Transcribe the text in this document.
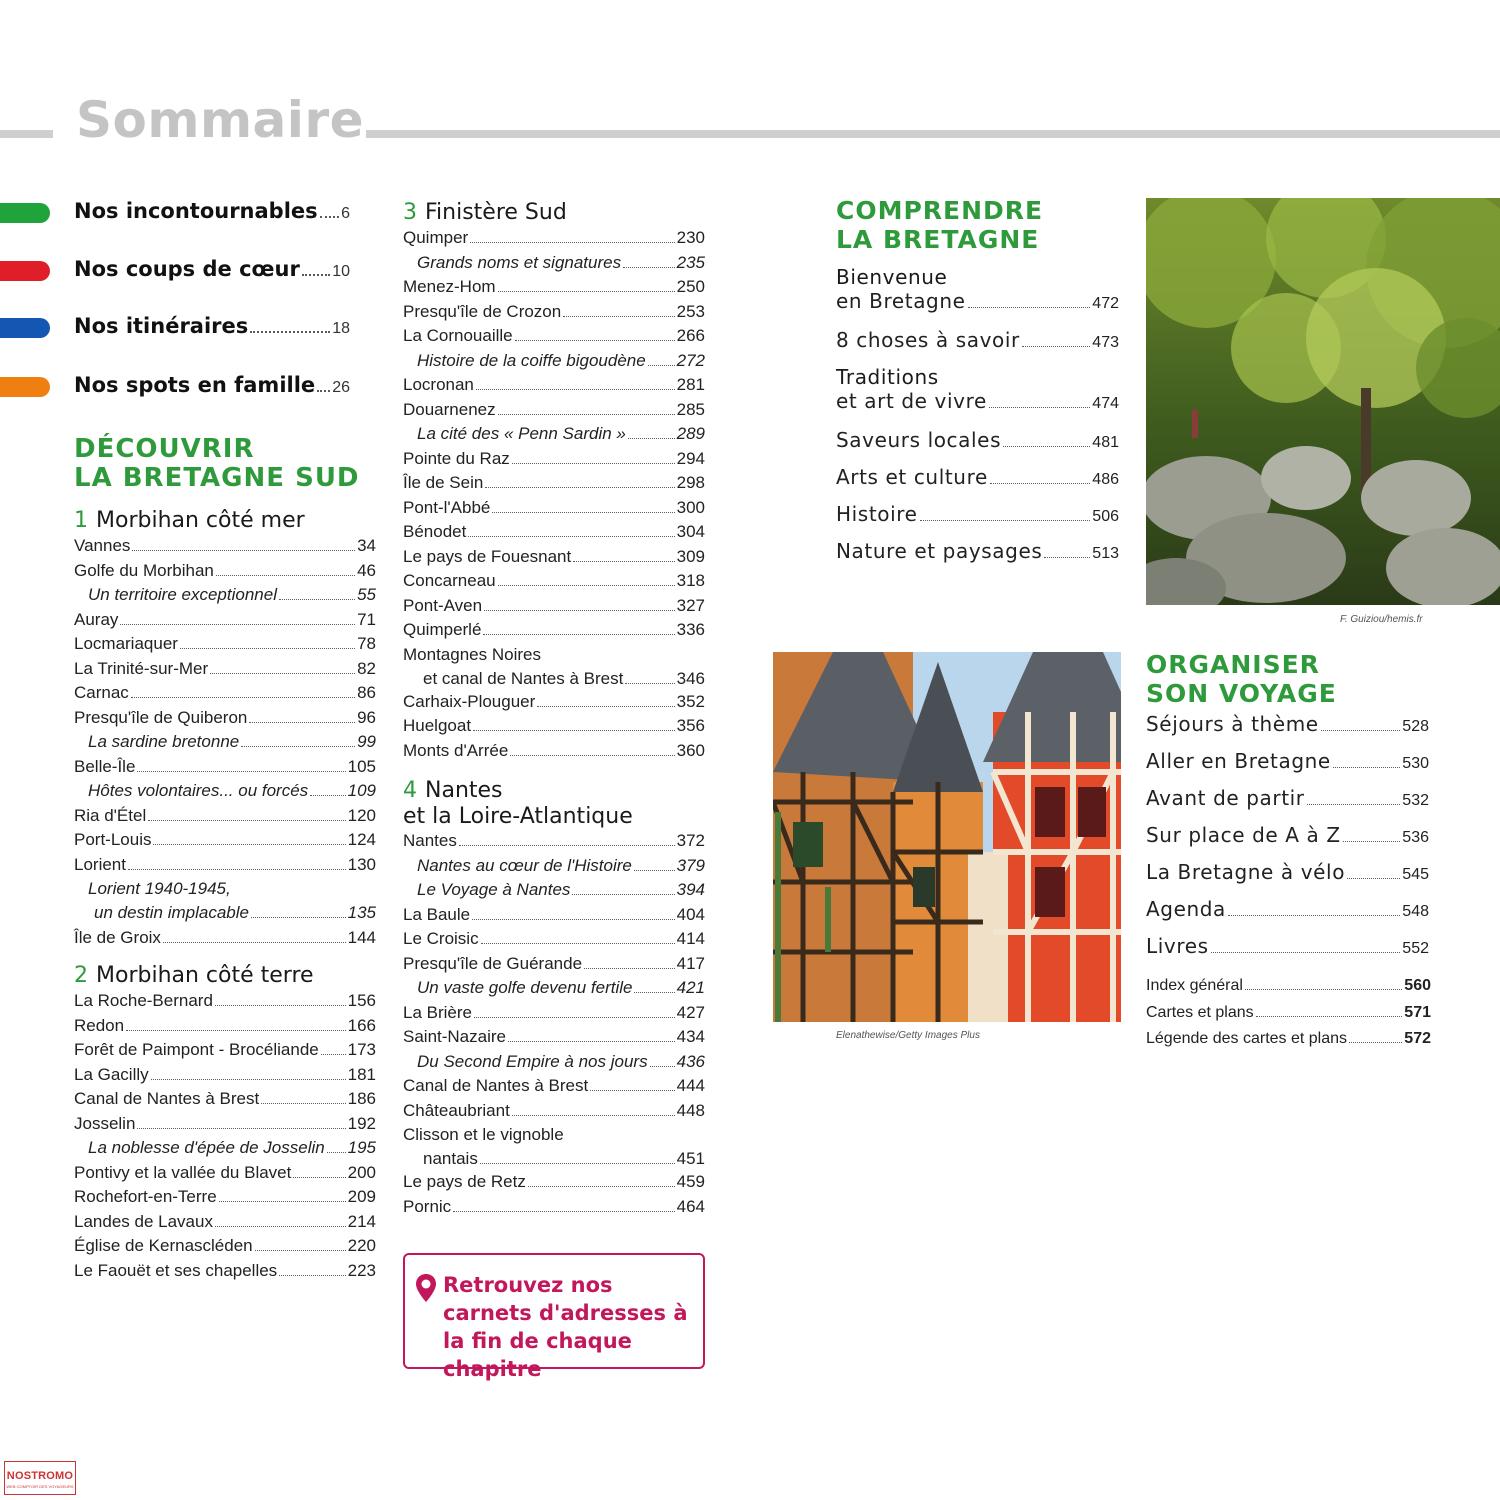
Sommaire
Nos incontournables 6
Nos coups de cœur 10
Nos itinéraires	18
Nos spots en famille 26
DÉCOUVRIR
LA BRETAGNE SUD
1 Morbihan côté mer
Vannes	34
Golfe du Morbihan	46
Un territoire exceptionnel	55
Auray	71
Locmariaquer	78
La Trinité-sur-Mer	82
Carnac	86
Presqu'île de Quiberon	96
La sardine bretonne	99
Belle-Île	105
Hôtes volontaires... ou forcés 109
Ria d'Étel	120
Port-Louis	124
Lorient	130
Lorient 1940-1945,
un destin implacable	135
Île de Groix	144
2 Morbihan côté terre
La Roche-Bernard	156
Redon	166
Forêt de Paimpont - Brocéliande 173
La Gacilly	181
Canal de Nantes à Brest	186
Josselin	192
La noblesse d'épée de Josselin 195
Pontivy et la vallée du Blavet	200
Rochefort-en-Terre	209
Landes de Lavaux	214
Église de Kernascléden	220
Le Faouët et ses chapelles	223
3 Finistère Sud
Quimper	230
Grands noms et signatures	235
Menez-Hom	250
Presqu'île de Crozon	253
La Cornouaille	266
Histoire de la coiffe bigoudène 272
Locronan	281
Douarnenez	285
La cité des « Penn Sardin »	289
Pointe du Raz	294
Île de Sein	298
Pont-l'Abbé	300
Bénodet	304
Le pays de Fouesnant	309
Concarneau	318
Pont-Aven	327
Quimperlé	336
Montagnes Noires
et canal de Nantes à Brest	346
Carhaix-Plouguer	352
Huelgoat	356
Monts d'Arrée	360
4 Nantes
et la Loire-Atlantique
Nantes	372
Nantes au cœur de l'Histoire	379
Le Voyage à Nantes	394
La Baule	404
Le Croisic	414
Presqu'île de Guérande	417
Un vaste golfe devenu fertile	421
La Brière	427
Saint-Nazaire	434
Du Second Empire à nos jours 436
Canal de Nantes à Brest	444
Châteaubriant	448
Clisson et le vignoble
nantais	451
Le pays de Retz	459
Pornic	464
Retrouvez nos carnets d'adresses à la fin de chaque chapitre
COMPRENDRE
LA BRETAGNE
Bienvenue
en Bretagne	472
8 choses à savoir	473
Traditions
et art de vivre	474
Saveurs locales	481
Arts et culture	486
Histoire	506
Nature et paysages	513
F. Guiziou/hemis.fr
Elenathewise/Getty Images Plus
ORGANISER
SON VOYAGE
Séjours à thème	528
Aller en Bretagne	530
Avant de partir	532
Sur place de A à Z	536
La Bretagne à vélo	545
Agenda	548
Livres	552
Index général	560
Cartes et plans	571
Légende des cartes et plans	572
NOSTROMO
WEB COMPTOIR DES VOYAGEURS
